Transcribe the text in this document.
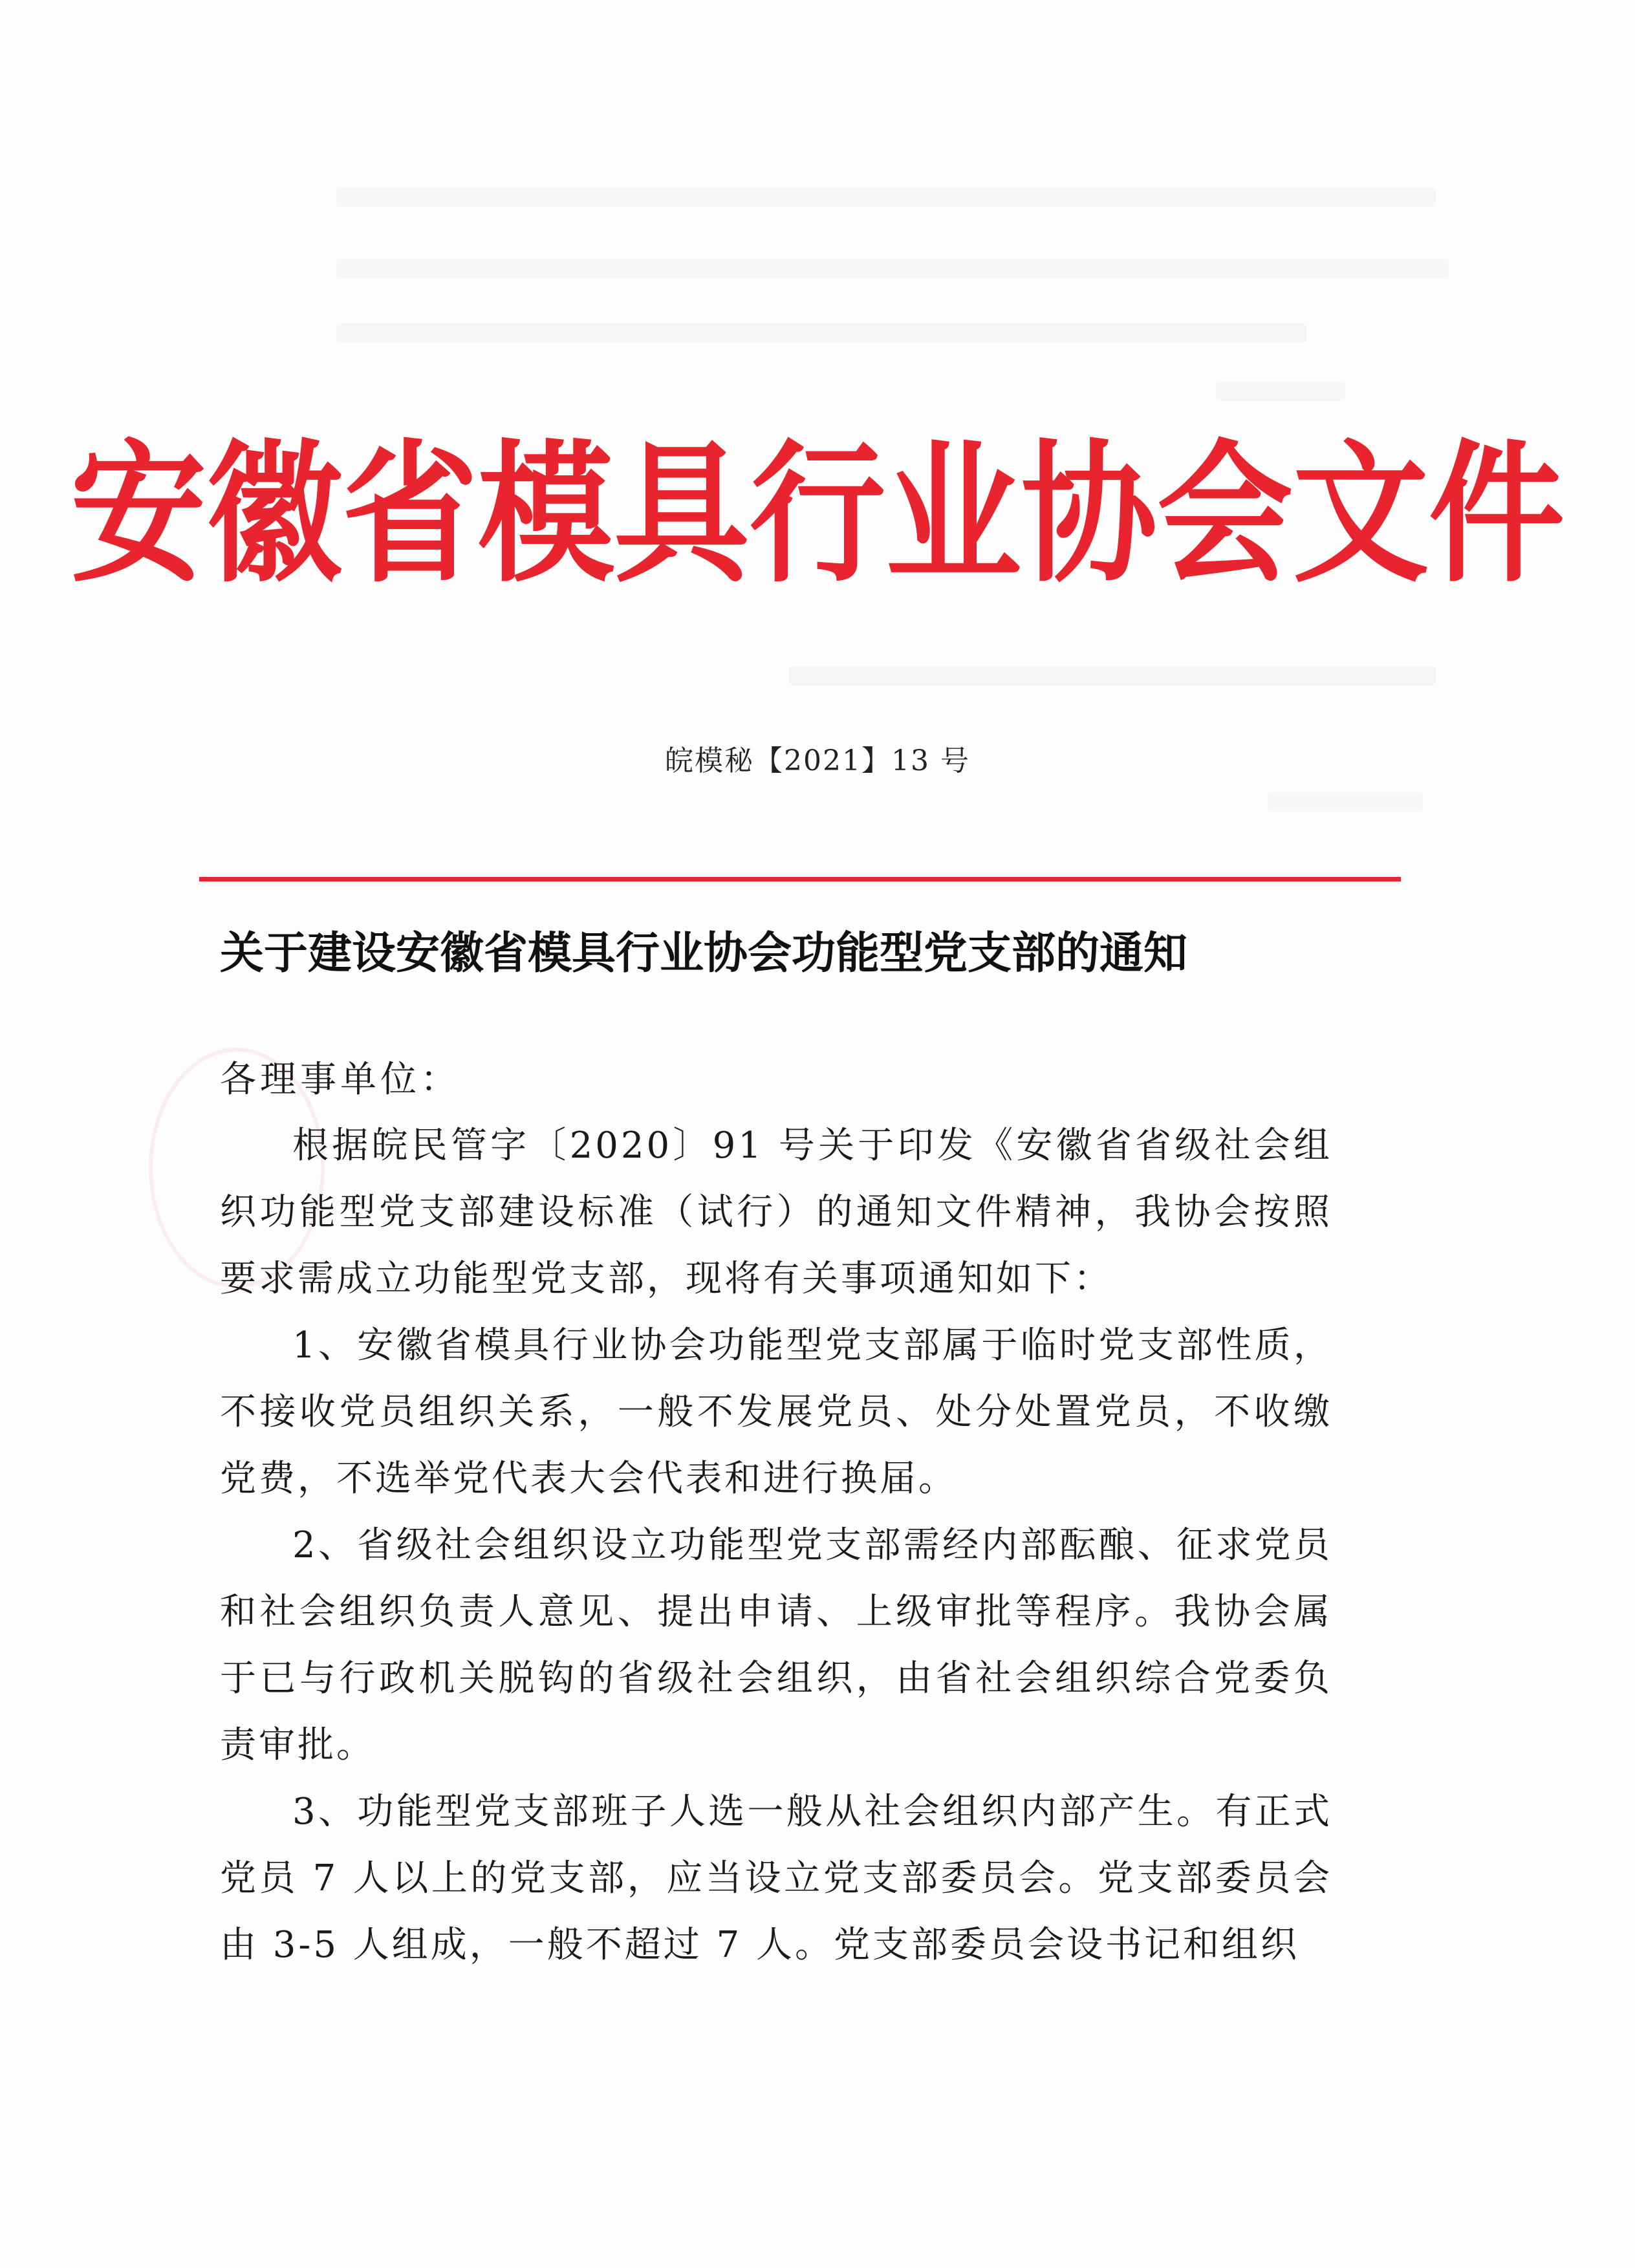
安徽省模具行业协会文件
皖模秘【2021】13 号
关于建设安徽省模具行业协会功能型党支部的通知
各理事单位：

根据皖民管字〔2020〕91 号关于印发《安徽省省级社会组织功能型党支部建设标准（试行）的通知文件精神，我协会按照要求需成立功能型党支部，现将有关事项通知如下：

1、安徽省模具行业协会功能型党支部属于临时党支部性质，不接收党员组织关系，一般不发展党员、处分处置党员，不收缴党费，不选举党代表大会代表和进行换届。

2、省级社会组织设立功能型党支部需经内部酝酿、征求党员和社会组织负责人意见、提出申请、上级审批等程序。我协会属于已与行政机关脱钩的省级社会组织，由省社会组织综合党委负责审批。

3、功能型党支部班子人选一般从社会组织内部产生。有正式党员 7 人以上的党支部，应当设立党支部委员会。党支部委员会由 3-5 人组成，一般不超过 7 人。党支部委员会设书记和组织
